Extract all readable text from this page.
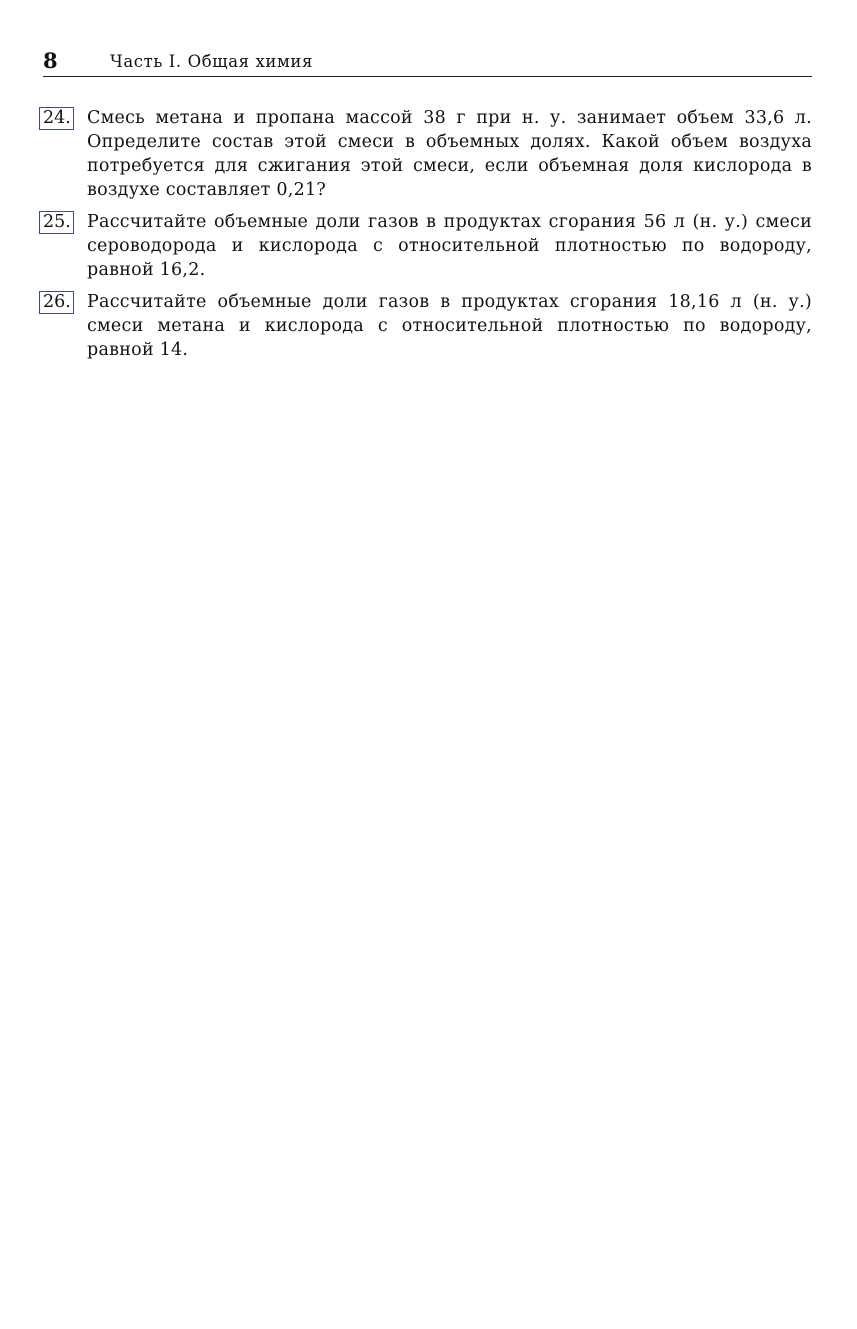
8	Часть I. Общая химия
24. Смесь метана и пропана массой 38 г при н. у. занимает объем 33,6 л. Определите состав этой смеси в объемных долях. Какой объем воздуха потребуется для сжигания этой смеси, если объемная доля кислорода в воздухе составляет 0,21?

25. Рассчитайте объемные доли газов в продуктах сгорания 56 л (н. у.) смеси сероводорода и кислорода с относительной плотностью по водороду, равной 16,2.

26. Рассчитайте объемные доли газов в продуктах сгорания 18,16 л (н. у.) смеси метана и кислорода с относительной плотностью по водороду, равной 14.
